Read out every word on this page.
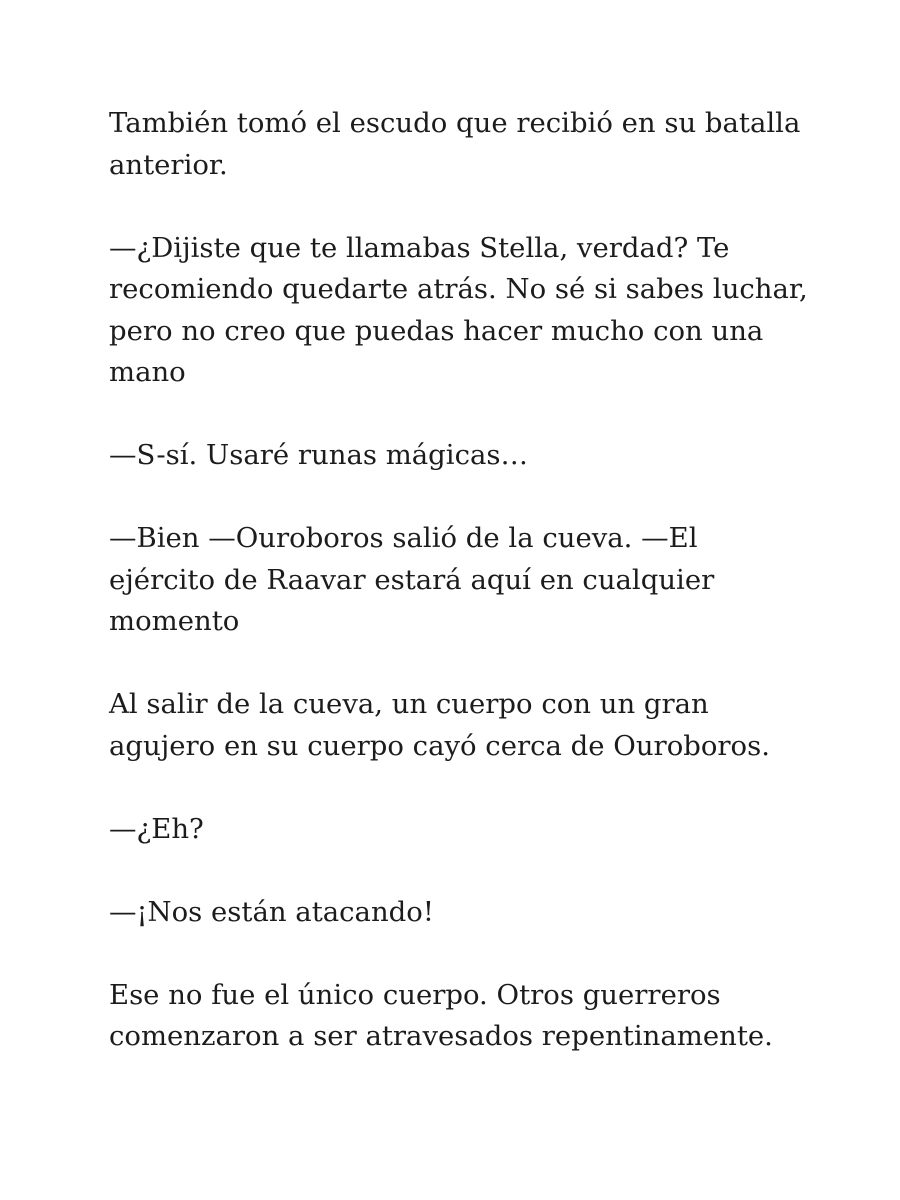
También tomó el escudo que recibió en su batalla anterior.

—¿Dijiste que te llamabas Stella, verdad? Te recomiendo quedarte atrás. No sé si sabes luchar, pero no creo que puedas hacer mucho con una mano

—S-sí. Usaré runas mágicas…

—Bien —Ouroboros salió de la cueva. —El ejército de Raavar estará aquí en cualquier momento

Al salir de la cueva, un cuerpo con un gran agujero en su cuerpo cayó cerca de Ouroboros.

—¿Eh?

—¡Nos están atacando!

Ese no fue el único cuerpo. Otros guerreros comenzaron a ser atravesados repentinamente.
